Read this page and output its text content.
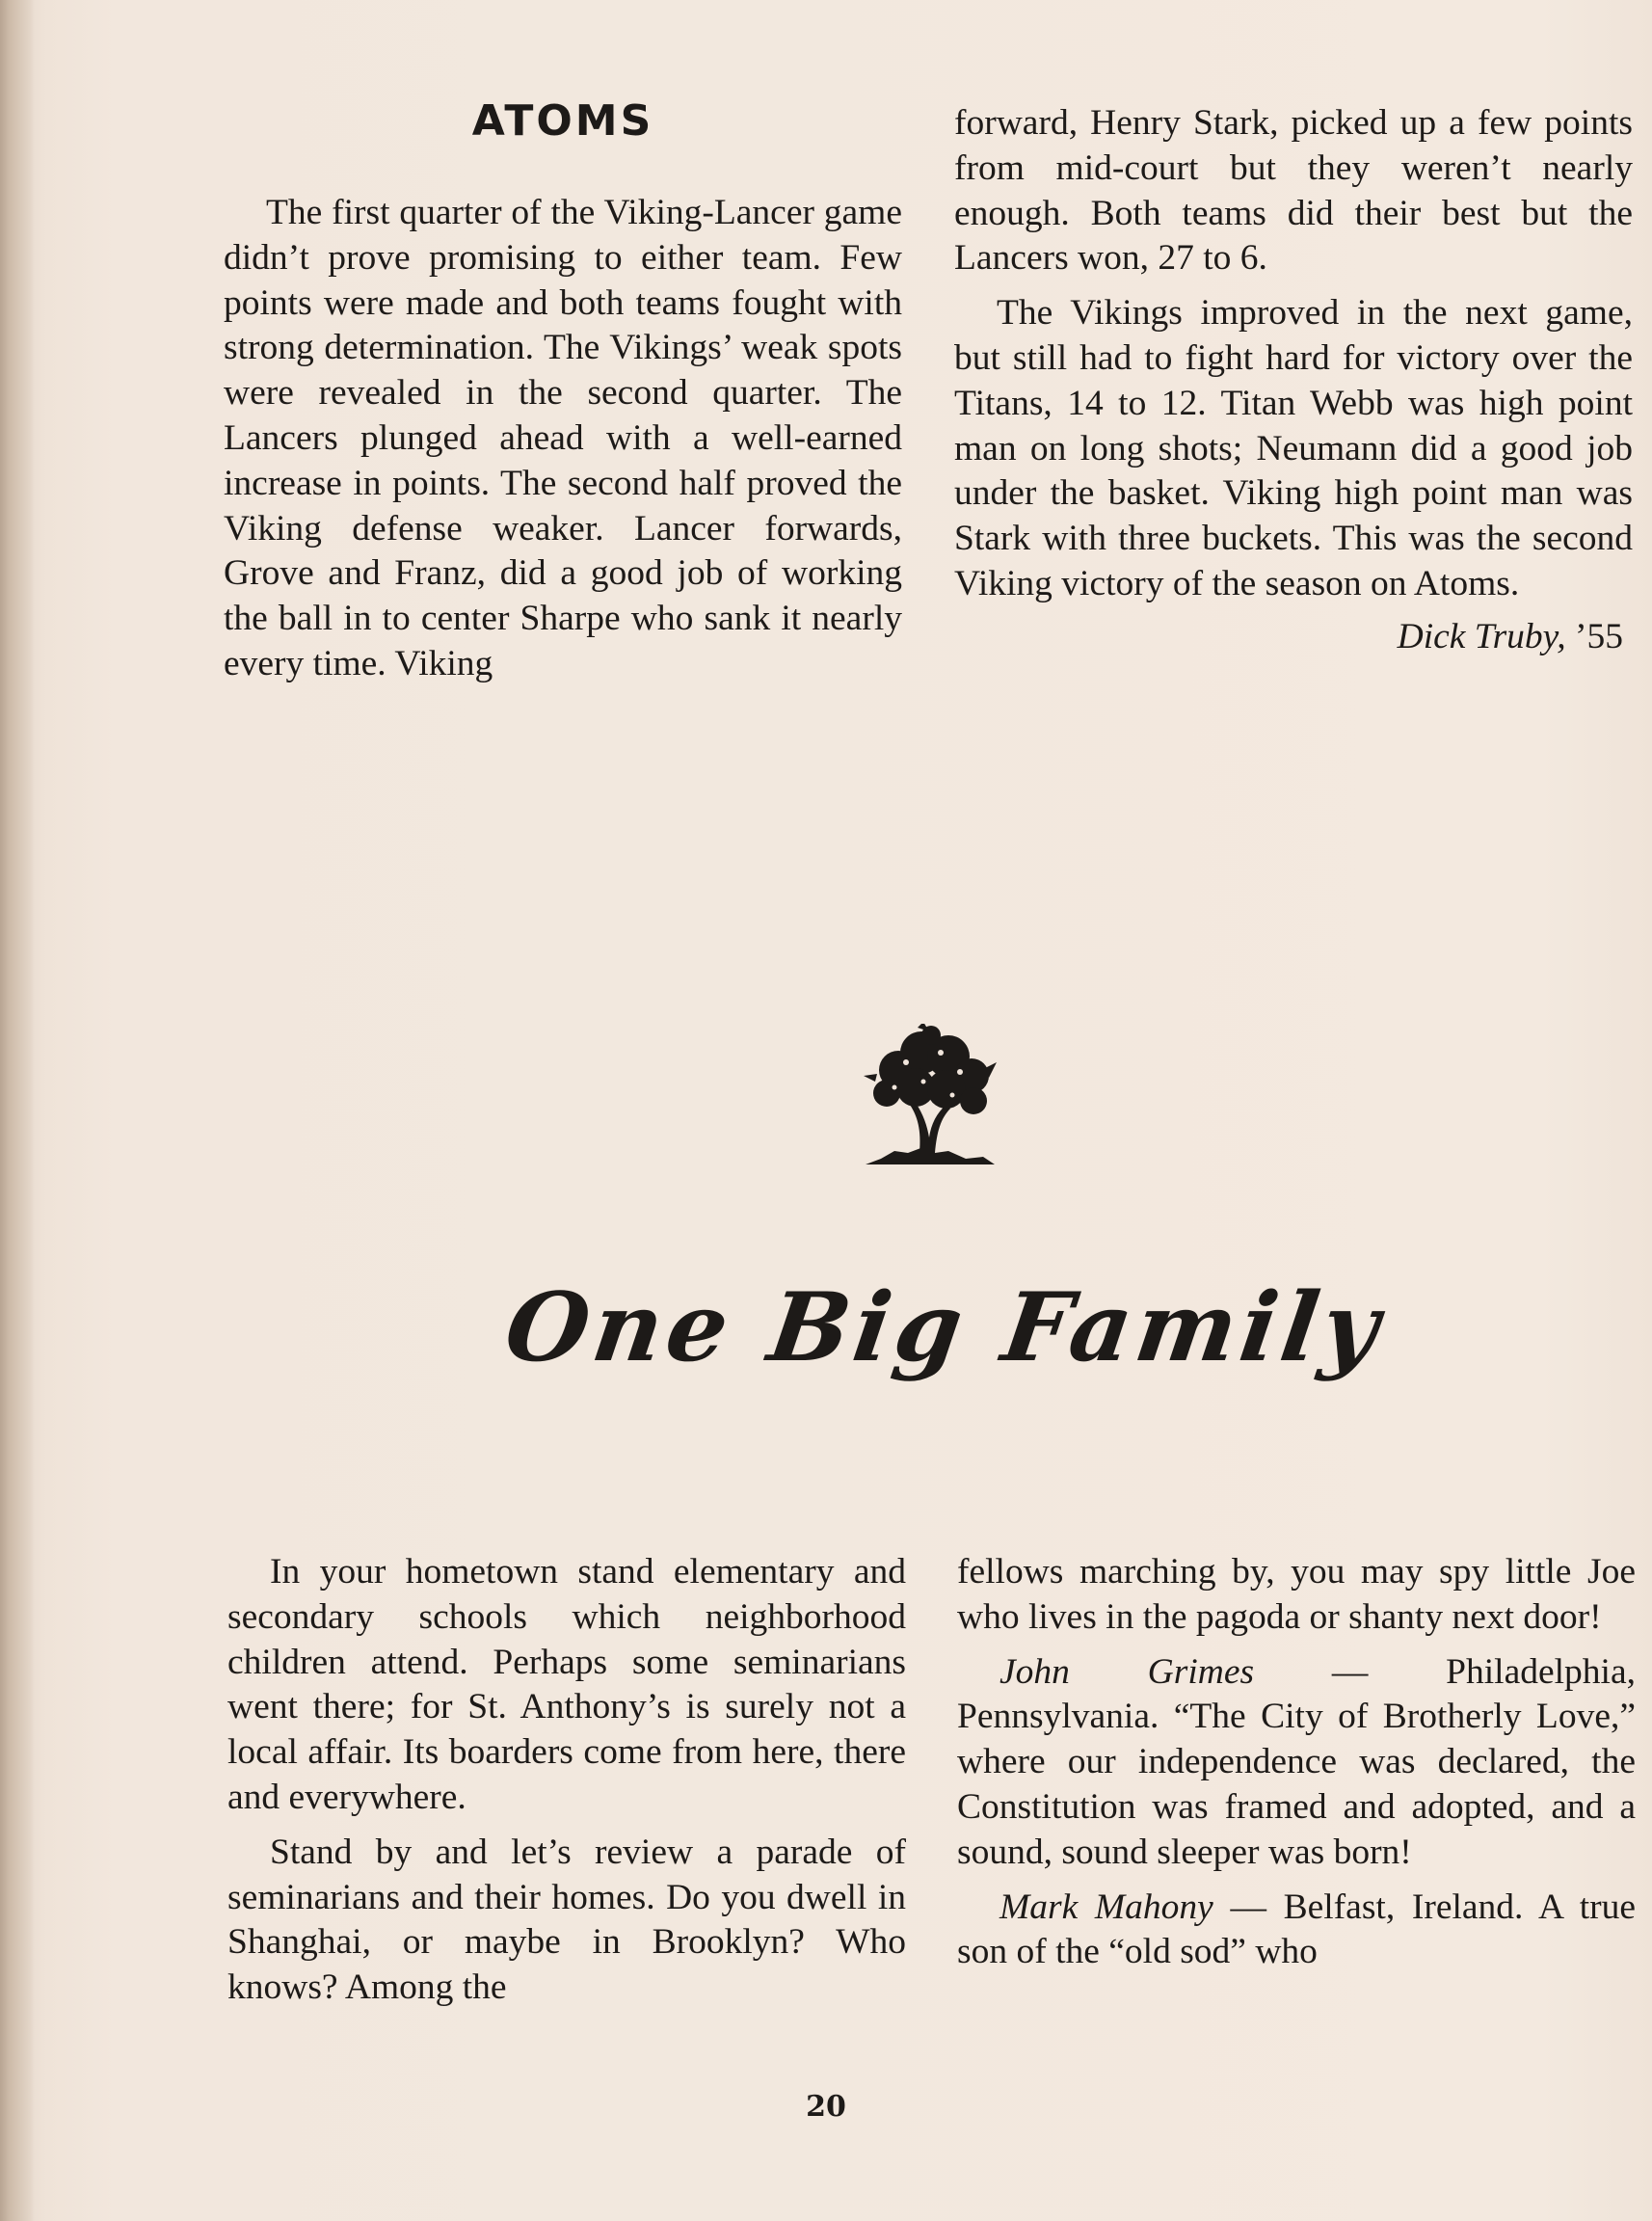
ATOMS

The first quarter of the Viking-Lancer game didn’t prove promising to either team. Few points were made and both teams fought with strong determination. The Vikings’ weak spots were revealed in the second quarter. The Lancers plunged ahead with a well-earned increase in points. The second half proved the Viking defense weaker. Lancer forwards, Grove and Franz, did a good job of working the ball in to center Sharpe who sank it nearly every time. Viking

forward, Henry Stark, picked up a few points from mid-court but they weren’t nearly enough. Both teams did their best but the Lancers won, 27 to 6.

The Vikings improved in the next game, but still had to fight hard for victory over the Titans, 14 to 12. Titan Webb was high point man on long shots; Neumann did a good job under the basket. Viking high point man was Stark with three buckets. This was the second Viking victory of the season on Atoms.

Dick Truby, ’55
One Big Family

In your hometown stand elementary and secondary schools which neighborhood children attend. Perhaps some seminarians went there; for St. Anthony’s is surely not a local affair. Its boarders come from here, there and everywhere.

Stand by and let’s review a parade of seminarians and their homes. Do you dwell in Shanghai, or maybe in Brooklyn? Who knows? Among the

fellows marching by, you may spy little Joe who lives in the pagoda or shanty next door!

John Grimes — Philadelphia, Pennsylvania. “The City of Brotherly Love,” where our independence was declared, the Constitution was framed and adopted, and a sound, sound sleeper was born!

Mark Mahony — Belfast, Ireland. A true son of the “old sod” who

20
